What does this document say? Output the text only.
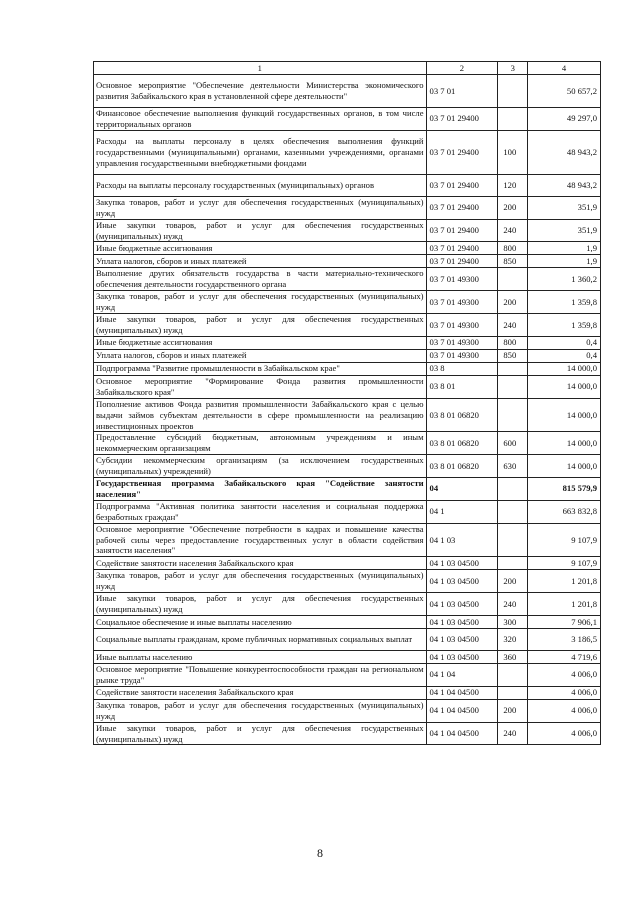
1	2	3	4
Основное мероприятие "Обеспечение деятельности Министерства экономического развития Забайкальского края в установленной сфере деятельности"	03 7 01		50 657,2
Финансовое обеспечение выполнения функций государственных органов, в том числе территориальных органов	03 7 01 29400		49 297,0
Расходы на выплаты персоналу в целях обеспечения выполнения функций государственными (муниципальными) органами, казенными учреждениями, органами управления государственными внебюджетными фондами	03 7 01 29400	100	48 943,2
Расходы на выплаты персоналу государственных (муниципальных) органов	03 7 01 29400	120	48 943,2
Закупка товаров, работ и услуг для обеспечения государственных (муниципальных) нужд	03 7 01 29400	200	351,9
Иные закупки товаров, работ и услуг для обеспечения государственных (муниципальных) нужд	03 7 01 29400	240	351,9
Иные бюджетные ассигнования	03 7 01 29400	800	1,9
Уплата налогов, сборов и иных платежей	03 7 01 29400	850	1,9
Выполнение других обязательств государства в части материально-технического обеспечения деятельности государственного органа	03 7 01 49300		1 360,2
Закупка товаров, работ и услуг для обеспечения государственных (муниципальных) нужд	03 7 01 49300	200	1 359,8
Иные закупки товаров, работ и услуг для обеспечения государственных (муниципальных) нужд	03 7 01 49300	240	1 359,8
Иные бюджетные ассигнования	03 7 01 49300	800	0,4
Уплата налогов, сборов и иных платежей	03 7 01 49300	850	0,4
Подпрограмма "Развитие промышленности в Забайкальском крае"	03 8		14 000,0
Основное мероприятие "Формирование Фонда развития промышленности Забайкальского края"	03 8 01		14 000,0
Пополнение активов Фонда развития промышленности Забайкальского края с целью выдачи займов субъектам деятельности в сфере промышленности на реализацию инвестиционных проектов	03 8 01 06820		14 000,0
Предоставление субсидий бюджетным, автономным учреждениям и иным некоммерческим организациям	03 8 01 06820	600	14 000,0
Субсидии некоммерческим организациям (за исключением государственных (муниципальных) учреждений)	03 8 01 06820	630	14 000,0
Государственная программа Забайкальского края "Содействие занятости населения"	04		815 579,9
Подпрограмма "Активная политика занятости населения и социальная поддержка безработных граждан"	04 1		663 832,8
Основное мероприятие "Обеспечение потребности в кадрах и повышение качества рабочей силы через предоставление государственных услуг в области содействия занятости населения"	04 1 03		9 107,9
Содействие занятости населения Забайкальского края	04 1 03 04500		9 107,9
Закупка товаров, работ и услуг для обеспечения государственных (муниципальных) нужд	04 1 03 04500	200	1 201,8
Иные закупки товаров, работ и услуг для обеспечения государственных (муниципальных) нужд	04 1 03 04500	240	1 201,8
Социальное обеспечение и иные выплаты населению	04 1 03 04500	300	7 906,1
Социальные выплаты гражданам, кроме публичных нормативных социальных выплат	04 1 03 04500	320	3 186,5
Иные выплаты населению	04 1 03 04500	360	4 719,6
Основное мероприятие "Повышение конкурентоспособности граждан на региональном рынке труда"	04 1 04		4 006,0
Содействие занятости населения Забайкальского края	04 1 04 04500		4 006,0
Закупка товаров, работ и услуг для обеспечения государственных (муниципальных) нужд	04 1 04 04500	200	4 006,0
Иные закупки товаров, работ и услуг для обеспечения государственных (муниципальных) нужд	04 1 04 04500	240	4 006,0
8
